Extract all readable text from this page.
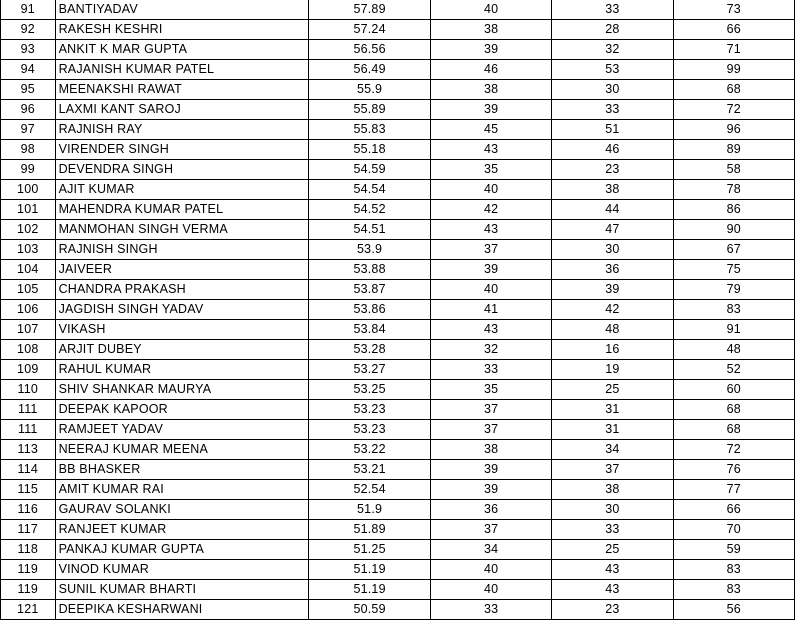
91	BANTIYADAV	57.89	40	33	73
92	RAKESH KESHRI	57.24	38	28	66
93	ANKIT K MAR GUPTA	56.56	39	32	71
94	RAJANISH KUMAR PATEL	56.49	46	53	99
95	MEENAKSHI RAWAT	55.9	38	30	68
96	LAXMI KANT SAROJ	55.89	39	33	72
97	RAJNISH RAY	55.83	45	51	96
98	VIRENDER SINGH	55.18	43	46	89
99	DEVENDRA SINGH	54.59	35	23	58
100	AJIT KUMAR	54.54	40	38	78
101	MAHENDRA KUMAR PATEL	54.52	42	44	86
102	MANMOHAN SINGH VERMA	54.51	43	47	90
103	RAJNISH SINGH	53.9	37	30	67
104	JAIVEER	53.88	39	36	75
105	CHANDRA PRAKASH	53.87	40	39	79
106	JAGDISH SINGH YADAV	53.86	41	42	83
107	VIKASH	53.84	43	48	91
108	ARJIT DUBEY	53.28	32	16	48
109	RAHUL KUMAR	53.27	33	19	52
110	SHIV SHANKAR MAURYA	53.25	35	25	60
111	DEEPAK KAPOOR	53.23	37	31	68
111	RAMJEET YADAV	53.23	37	31	68
113	NEERAJ KUMAR MEENA	53.22	38	34	72
114	BB BHASKER	53.21	39	37	76
115	AMIT KUMAR RAI	52.54	39	38	77
116	GAURAV SOLANKI	51.9	36	30	66
117	RANJEET KUMAR	51.89	37	33	70
118	PANKAJ KUMAR GUPTA	51.25	34	25	59
119	VINOD KUMAR	51.19	40	43	83
119	SUNIL KUMAR BHARTI	51.19	40	43	83
121	DEEPIKA KESHARWANI	50.59	33	23	56
